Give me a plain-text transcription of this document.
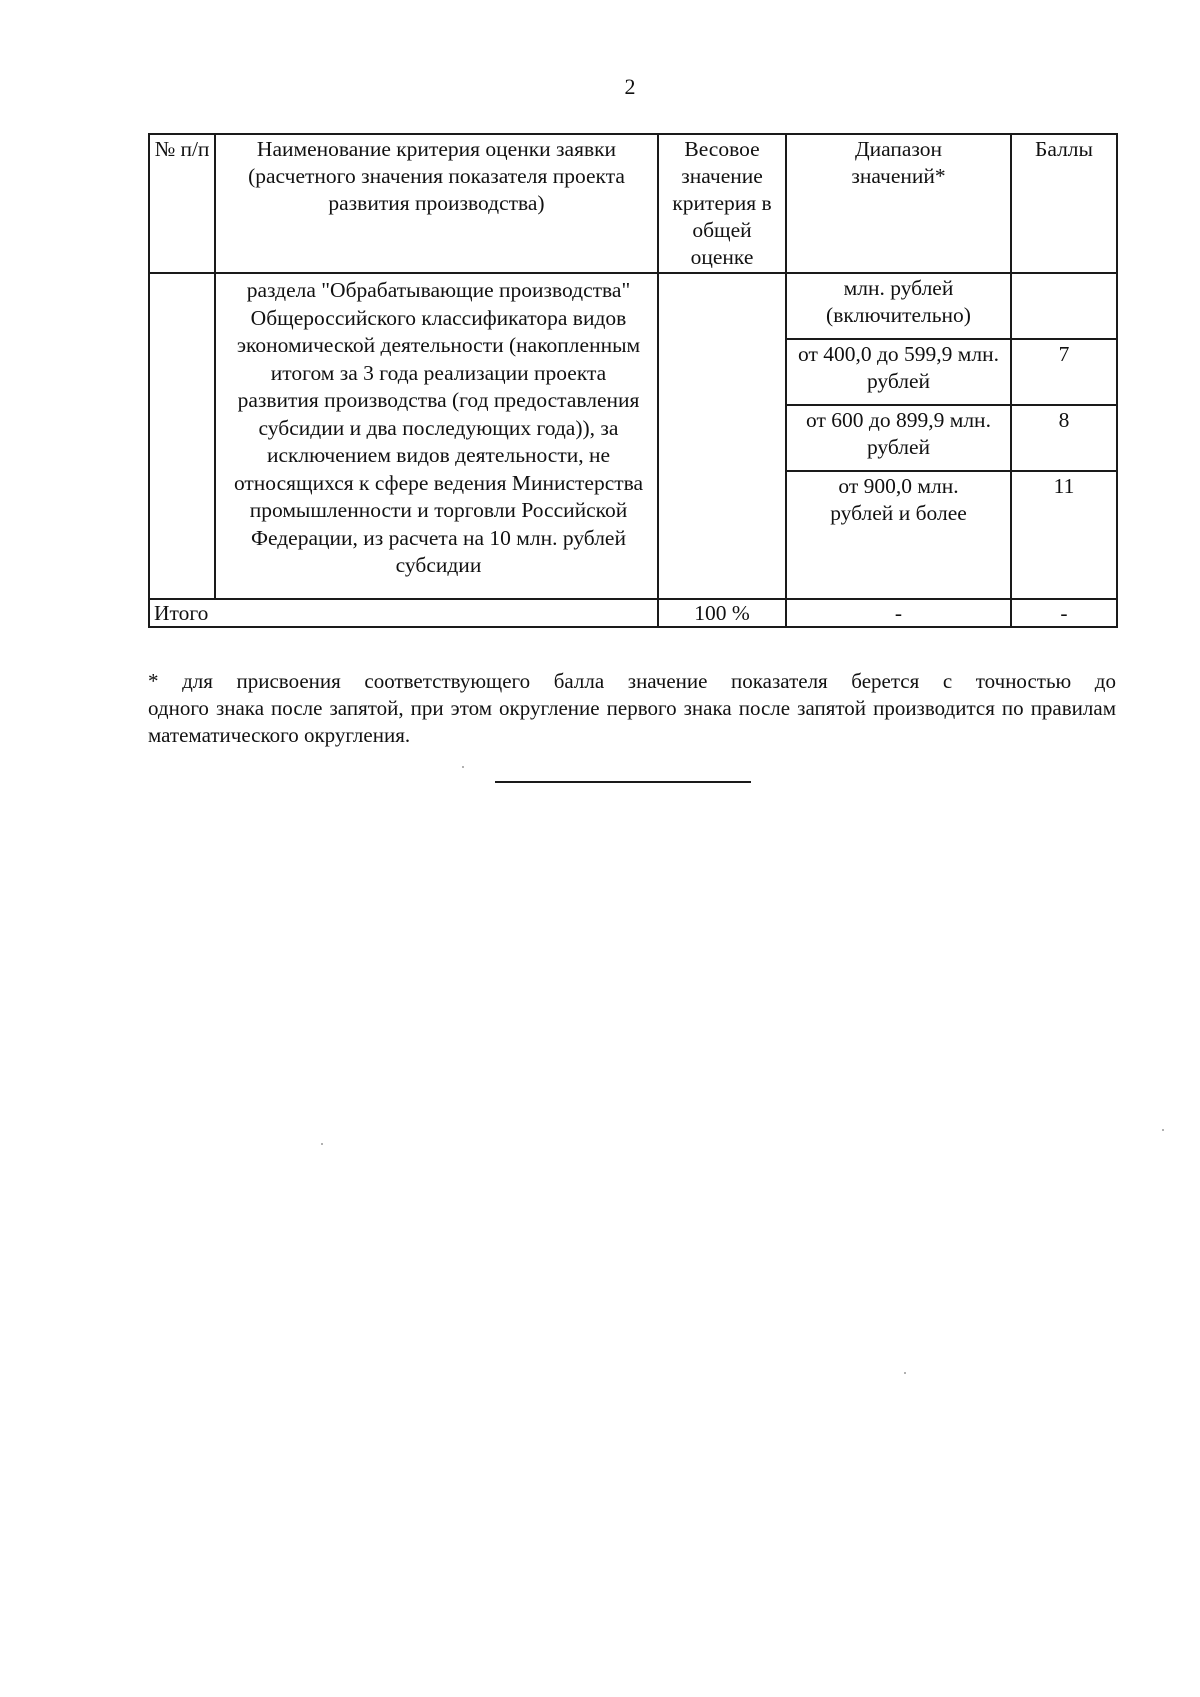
2
№ п/п	Наименование критерия оценки заявки (расчетного значения показателя проекта развития производства)	Весовое значение критерия в общей оценке	Диапазон значений*	Баллы
	раздела "Обрабатывающие производства" Общероссийского классификатора видов экономической деятельности (накопленным итогом за 3 года реализации проекта развития производства (год предоставления субсидии и два последующих года)), за исключением видов деятельности, не относящихся к сфере ведения Министерства промышленности и торговли Российской Федерации, из расчета на 10 млн. рублей субсидии		млн. рублей (включительно)	
			от 400,0 до 599,9 млн. рублей	7
			от 600 до 899,9 млн. рублей	8
			от 900,0 млн. рублей и более	11
Итого		100 %	-	-
* для присвоения соответствующего балла значение показателя берется с точностью до
одного знака после запятой, при этом округление первого знака после запятой производится по правилам математического округления.
